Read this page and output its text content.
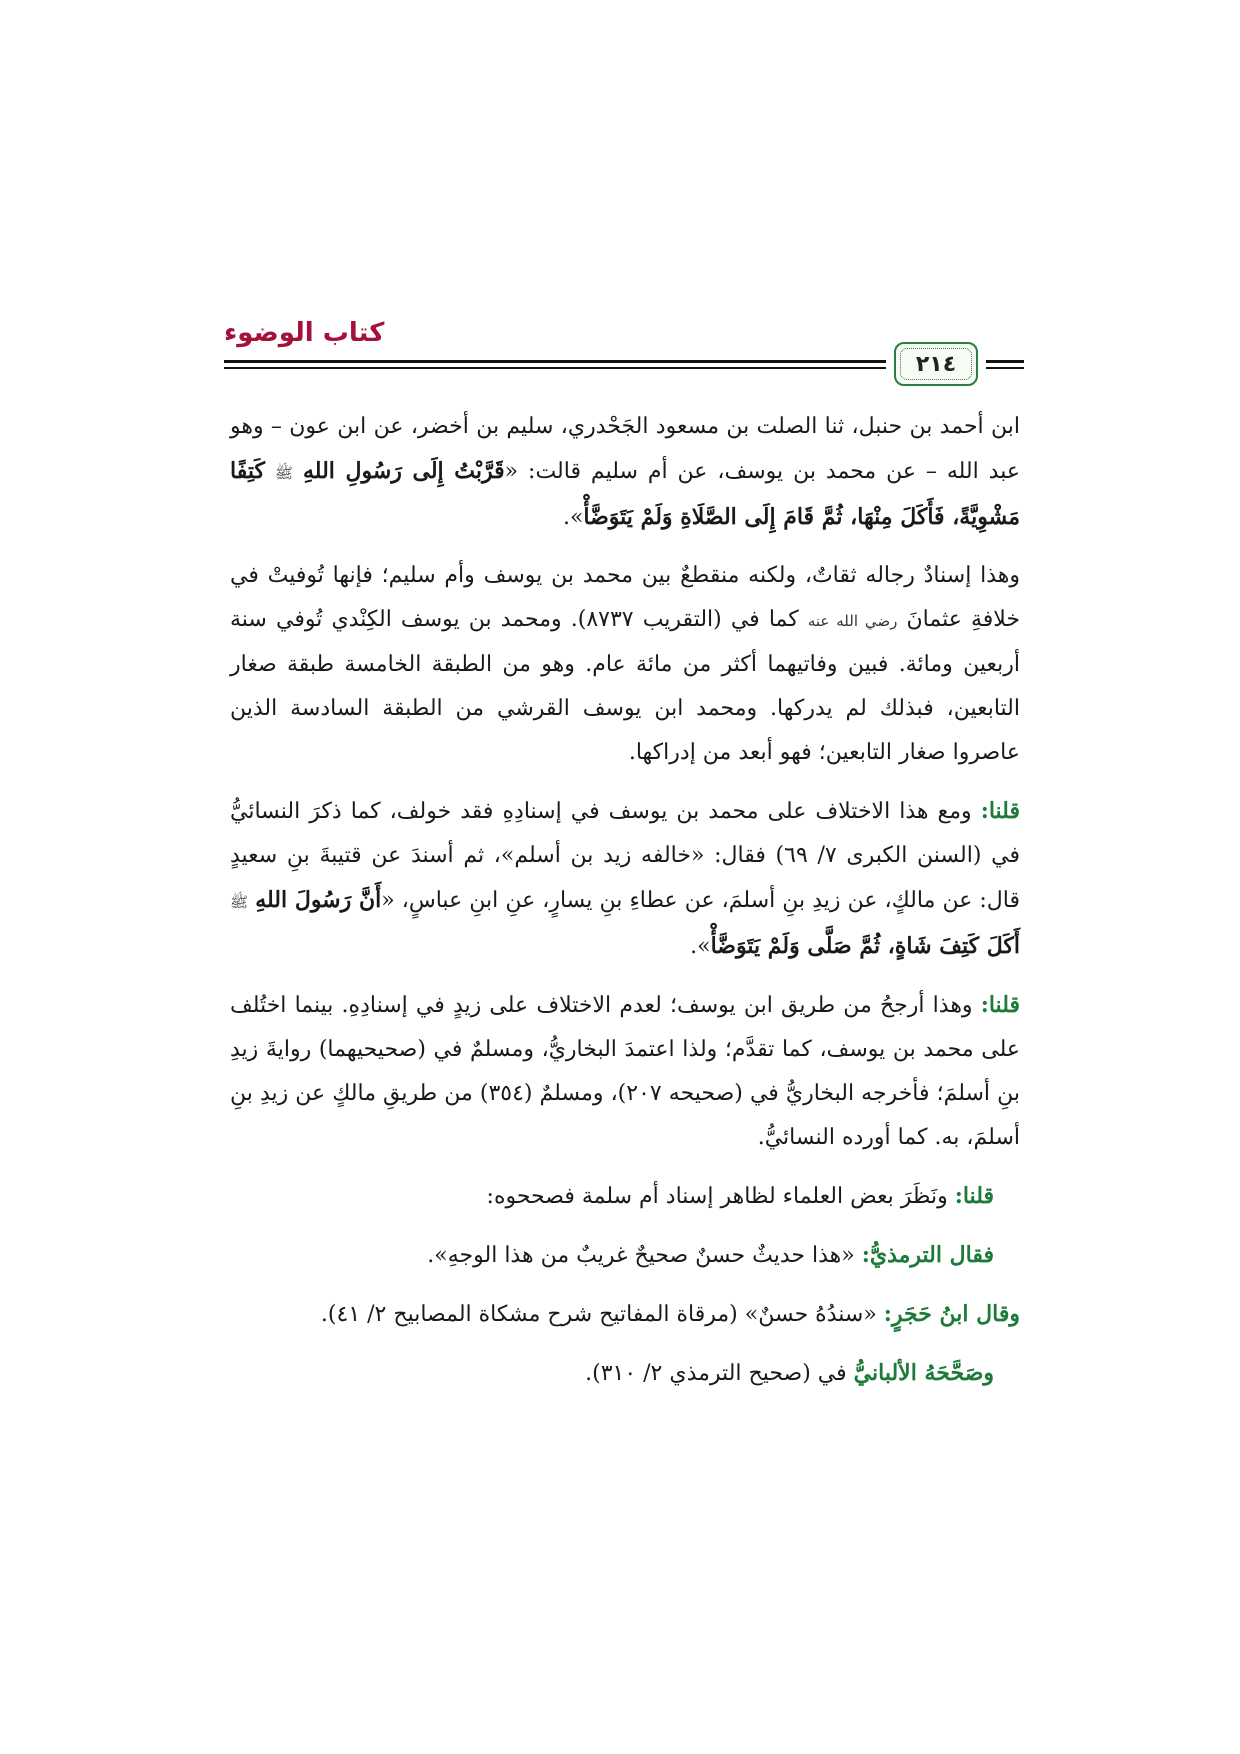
كتاب الوضوء
٢١٤

ابن أحمد بن حنبل، ثنا الصلت بن مسعود الجَحْدري، سليم بن أخضر، عن ابن عون – وهو عبد الله – عن محمد بن يوسف، عن أم سليم قالت: «قَرَّبْتُ إِلَى رَسُولِ اللهِ ﷺ كَتِفًا مَشْوِيَّةً، فَأَكَلَ مِنْهَا، ثُمَّ قَامَ إِلَى الصَّلَاةِ وَلَمْ يَتَوَضَّأْ».

وهذا إسنادٌ رجاله ثقاتٌ، ولكنه منقطعٌ بين محمد بن يوسف وأم سليم؛ فإنها تُوفيتْ في خلافةِ عثمانَ رضي الله عنه كما في (التقريب ٨٧٣٧). ومحمد بن يوسف الكِنْدي تُوفي سنة أربعين ومائة. فبين وفاتيهما أكثر من مائة عام. وهو من الطبقة الخامسة طبقة صغار التابعين، فبذلك لم يدركها. ومحمد ابن يوسف القرشي من الطبقة السادسة الذين عاصروا صغار التابعين؛ فهو أبعد من إدراكها.

قلنا: ومع هذا الاختلاف على محمد بن يوسف في إسنادِهِ فقد خولف، كما ذكرَ النسائيُّ في (السنن الكبرى ٧/ ٦٩) فقال: «خالفه زيد بن أسلم»، ثم أسندَ عن قتيبةَ بنِ سعيدٍ قال: عن مالكٍ، عن زيدِ بنِ أسلمَ، عن عطاءِ بنِ يسارٍ، عنِ ابنِ عباسٍ، «أَنَّ رَسُولَ اللهِ ﷺ أَكَلَ كَتِفَ شَاةٍ، ثُمَّ صَلَّى وَلَمْ يَتَوَضَّأْ».

قلنا: وهذا أرجحُ من طريق ابن يوسف؛ لعدم الاختلاف على زيدٍ في إسنادِهِ. بينما اختُلف على محمد بن يوسف، كما تقدَّم؛ ولذا اعتمدَ البخاريُّ، ومسلمٌ في (صحيحيهما) روايةَ زيدِ بنِ أسلمَ؛ فأخرجه البخاريُّ في (صحيحه ٢٠٧)، ومسلمٌ (٣٥٤) من طريقِ مالكٍ عن زيدِ بنِ أسلمَ، به. كما أورده النسائيُّ.

قلنا: ونَظَرَ بعض العلماء لظاهر إسناد أم سلمة فصححوه:

فقال الترمذيُّ: «هذا حديثٌ حسنٌ صحيحٌ غريبٌ من هذا الوجهِ».

وقال ابنُ حَجَرٍ: «سندُهُ حسنٌ» (مرقاة المفاتيح شرح مشكاة المصابيح ٢/ ٤١).

وصَحَّحَهُ الألبانيُّ في (صحيح الترمذي ٢/ ٣١٠).
